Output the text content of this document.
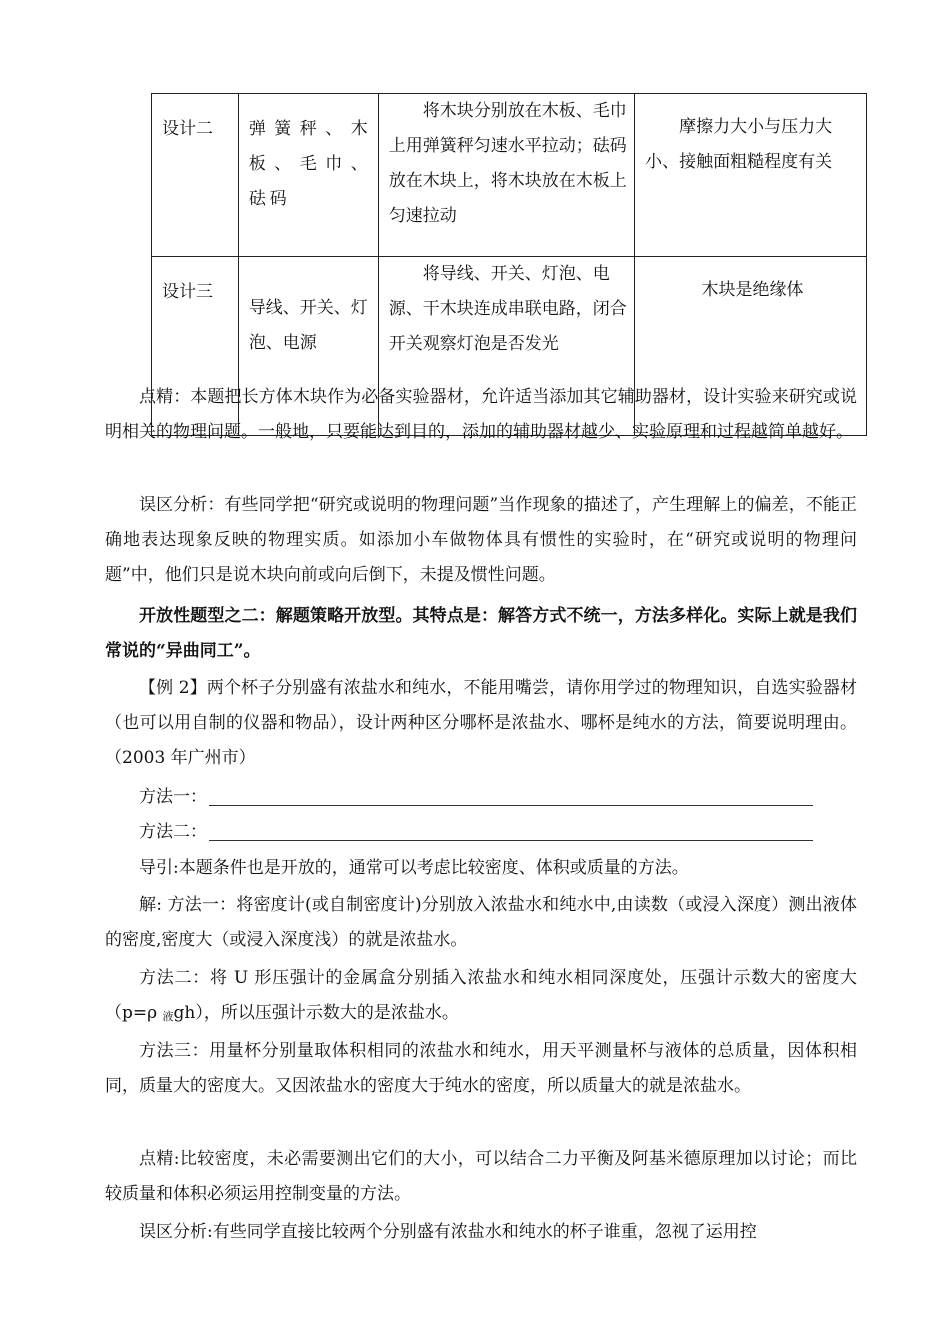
设计二	弹簧秤、木板、毛巾、砝码	将木块分别放在木板、毛巾上用弹簧秤匀速水平拉动；砝码放在木块上，将木块放在木板上匀速拉动	摩擦力大小与压力大小、接触面粗糙程度有关
设计三	导线、开关、灯泡、电源	将导线、开关、灯泡、电源、干木块连成串联电路，闭合开关观察灯泡是否发光	木块是绝缘体

点精：本题把长方体木块作为必备实验器材，允许适当添加其它辅助器材，设计实验来研究或说明相关的物理问题。一般地，只要能达到目的，添加的辅助器材越少、实验原理和过程越简单越好。

误区分析：有些同学把“研究或说明的物理问题”当作现象的描述了，产生理解上的偏差，不能正确地表达现象反映的物理实质。如添加小车做物体具有惯性的实验时，在“研究或说明的物理问题”中，他们只是说木块向前或向后倒下，未提及惯性问题。

开放性题型之二：解题策略开放型。其特点是：解答方式不统一，方法多样化。实际上就是我们常说的“异曲同工”。

【例 2】两个杯子分别盛有浓盐水和纯水，不能用嘴尝，请你用学过的物理知识，自选实验器材（也可以用自制的仪器和物品），设计两种区分哪杯是浓盐水、哪杯是纯水的方法，简要说明理由。（2003 年广州市）

方法一：
方法二：

导引:本题条件也是开放的，通常可以考虑比较密度、体积或质量的方法。

解: 方法一：将密度计(或自制密度计)分别放入浓盐水和纯水中,由读数（或浸入深度）测出液体的密度,密度大（或浸入深度浅）的就是浓盐水。

方法二：将 U 形压强计的金属盒分别插入浓盐水和纯水相同深度处，压强计示数大的密度大（p=ρ $_液$gh），所以压强计示数大的是浓盐水。

方法三：用量杯分别量取体积相同的浓盐水和纯水，用天平测量杯与液体的总质量，因体积相同，质量大的密度大。又因浓盐水的密度大于纯水的密度，所以质量大的就是浓盐水。

点精:比较密度，未必需要测出它们的大小，可以结合二力平衡及阿基米德原理加以讨论；而比较质量和体积必须运用控制变量的方法。

误区分析:有些同学直接比较两个分别盛有浓盐水和纯水的杯子谁重，忽视了运用控
